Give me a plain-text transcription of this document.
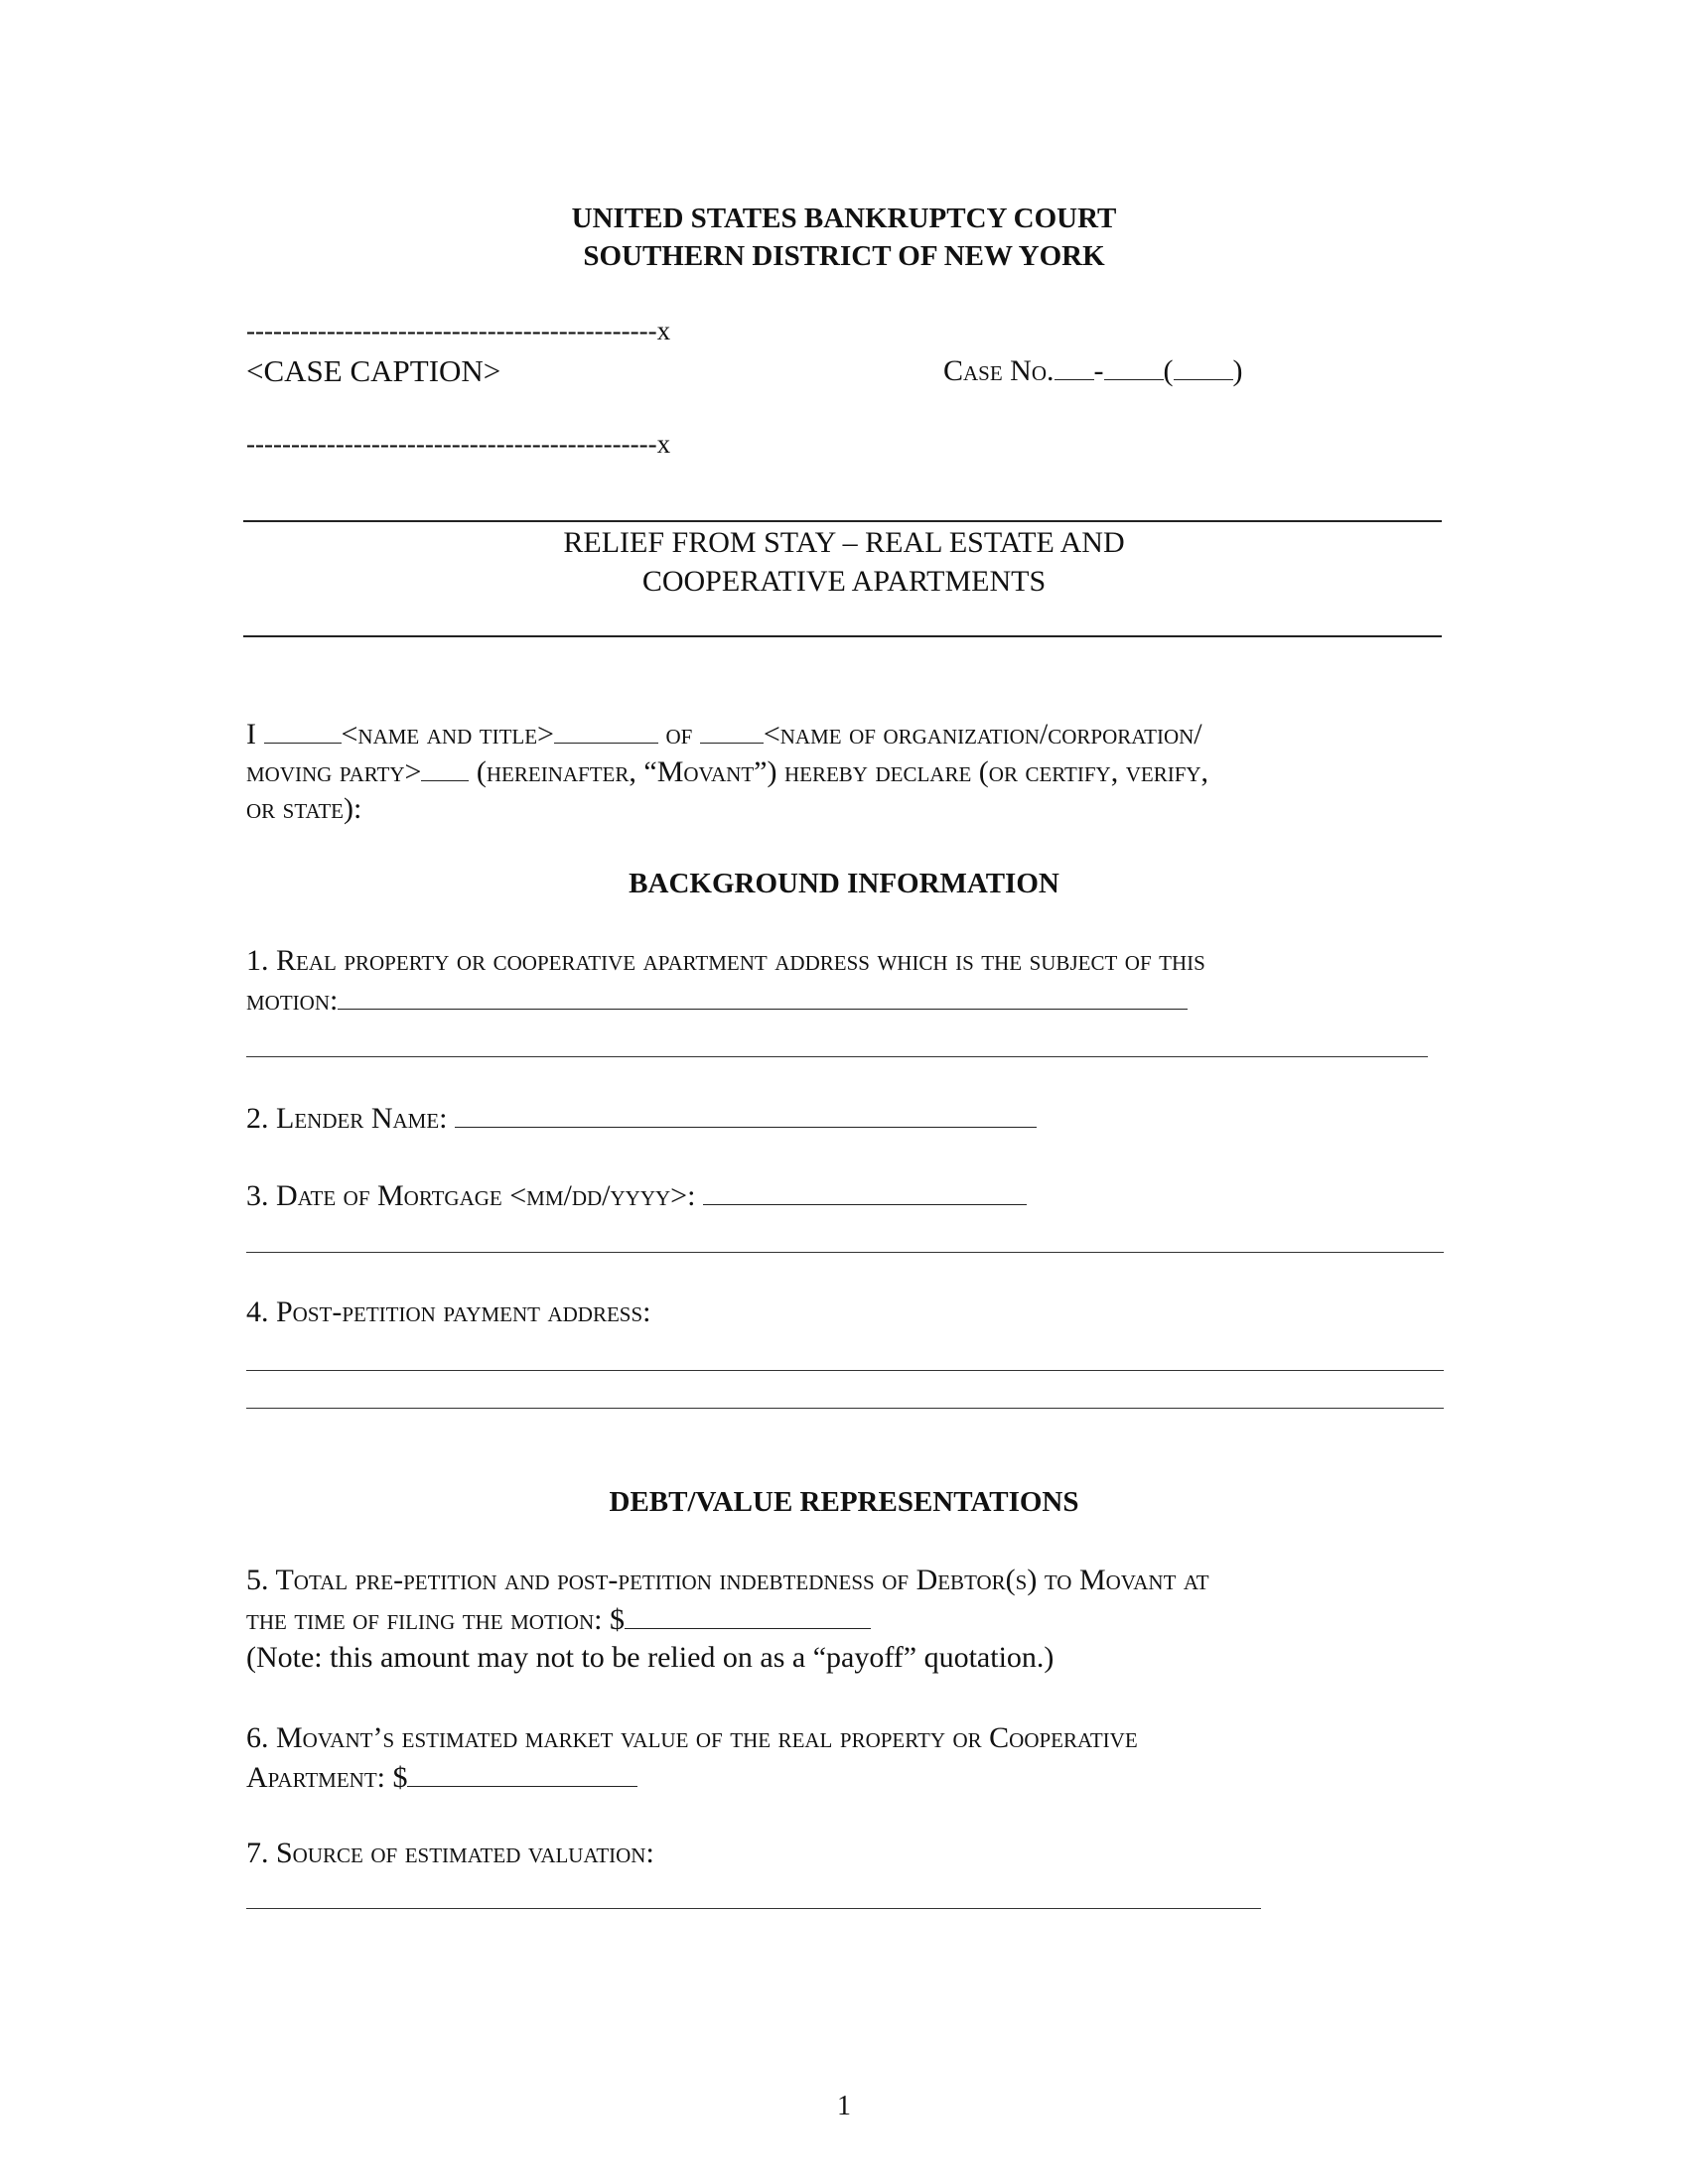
UNITED STATES BANKRUPTCY COURT
SOUTHERN DISTRICT OF NEW YORK
----------------------------------------------x
<CASE CAPTION>	Case No. - ( )
----------------------------------------------x
RELIEF FROM STAY – REAL ESTATE AND
COOPERATIVE APARTMENTS
I	<name and title>	of <name of organization/corporation/
moving party> (hereinafter, “Movant”) hereby declare (or certify, verify,
or state):
BACKGROUND INFORMATION
1. Real property or cooperative apartment address which is the subject of this
motion:
2. Lender Name:
3. Date of Mortgage <mm/dd/yyyy>:
4. Post-petition payment address:
DEBT/VALUE REPRESENTATIONS
5. Total pre-petition and post-petition indebtedness of Debtor(s) to Movant at
the time of filing the motion: $
(Note: this amount may not to be relied on as a “payoff” quotation.)
6. Movant’s estimated market value of the real property or Cooperative
Apartment: $
7. Source of estimated valuation:
1
